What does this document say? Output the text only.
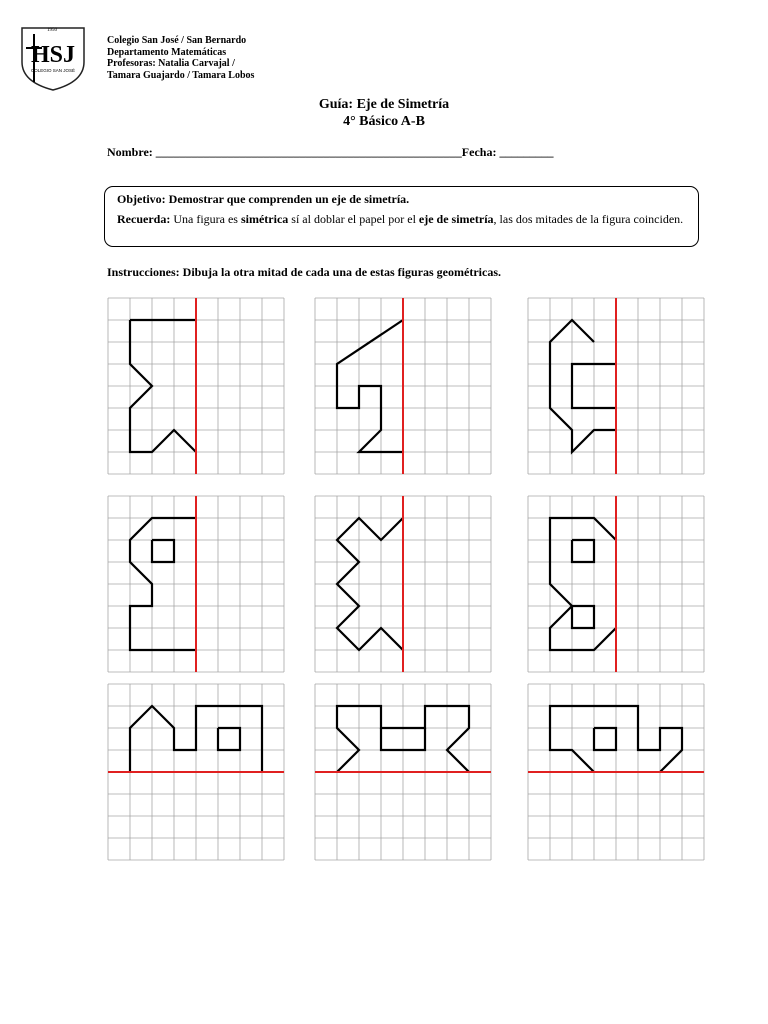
1950
HSJ
COLEGIO SAN JOSÉ
Colegio San José / San Bernardo
Departamento Matemáticas
Profesoras: Natalia Carvajal /
Tamara Guajardo / Tamara Lobos
Guía: Eje de Simetría
4° Básico A-B
Nombre: ___________________________________________________Fecha: _________

Objetivo: Demostrar que comprenden un eje de simetría.

Recuerda: Una figura es simétrica sí al doblar el papel por el eje de simetría, las dos mitades de la figura coinciden.

Instrucciones: Dibuja la otra mitad de cada una de estas figuras geométricas.
